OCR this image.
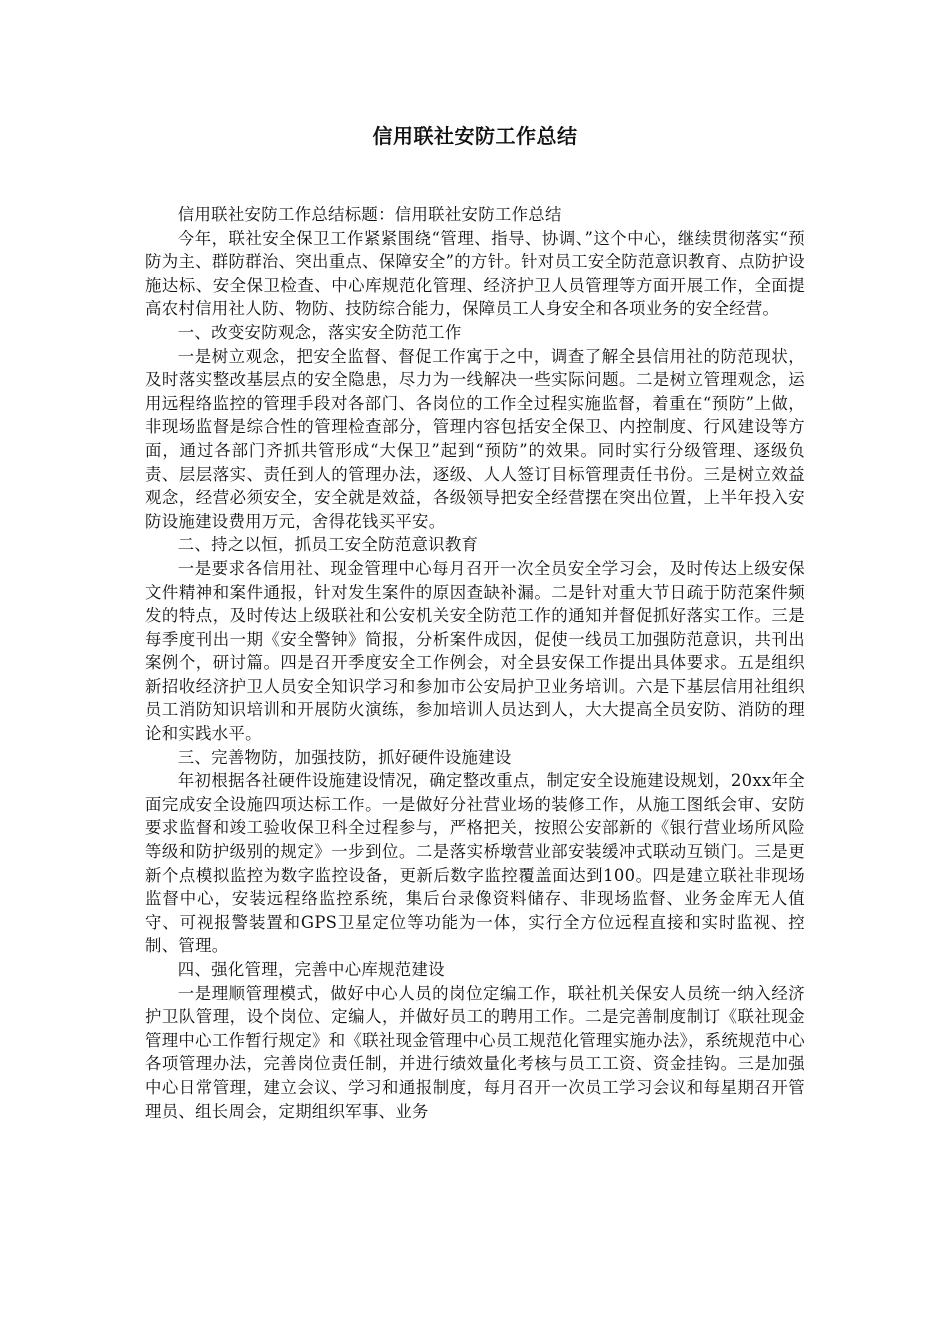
信用联社安防工作总结

信用联社安防工作总结标题：信用联社安防工作总结

今年，联社安全保卫工作紧紧围绕“管理、指导、协调、”这个中心，继续贯彻落实“预防为主、群防群治、突出重点、保障安全”的方针。针对员工安全防范意识教育、点防护设施达标、安全保卫检查、中心库规范化管理、经济护卫人员管理等方面开展工作，全面提高农村信用社人防、物防、技防综合能力，保障员工人身安全和各项业务的安全经营。

一、改变安防观念，落实安全防范工作

一是树立观念，把安全监督、督促工作寓于之中，调查了解全县信用社的防范现状，及时落实整改基层点的安全隐患，尽力为一线解决一些实际问题。二是树立管理观念，运用远程络监控的管理手段对各部门、各岗位的工作全过程实施监督，着重在“预防”上做，非现场监督是综合性的管理检查部分，管理内容包括安全保卫、内控制度、行风建设等方面，通过各部门齐抓共管形成“大保卫”起到“预防”的效果。同时实行分级管理、逐级负责、层层落实、责任到人的管理办法，逐级、人人签订目标管理责任书份。三是树立效益观念，经营必须安全，安全就是效益，各级领导把安全经营摆在突出位置，上半年投入安防设施建设费用万元，舍得花钱买平安。

二、持之以恒，抓员工安全防范意识教育

一是要求各信用社、现金管理中心每月召开一次全员安全学习会，及时传达上级安保文件精神和案件通报，针对发生案件的原因查缺补漏。二是针对重大节日疏于防范案件频发的特点，及时传达上级联社和公安机关安全防范工作的通知并督促抓好落实工作。三是每季度刊出一期《安全警钟》简报，分析案件成因，促使一线员工加强防范意识，共刊出案例个，研讨篇。四是召开季度安全工作例会，对全县安保工作提出具体要求。五是组织新招收经济护卫人员安全知识学习和参加市公安局护卫业务培训。六是下基层信用社组织员工消防知识培训和开展防火演练，参加培训人员达到人，大大提高全员安防、消防的理论和实践水平。

三、完善物防，加强技防，抓好硬件设施建设

年初根据各社硬件设施建设情况，确定整改重点，制定安全设施建设规划，20xx年全面完成安全设施四项达标工作。一是做好分社营业场的装修工作，从施工图纸会审、安防要求监督和竣工验收保卫科全过程参与，严格把关，按照公安部新的《银行营业场所风险等级和防护级别的规定》一步到位。二是落实桥墩营业部安装缓冲式联动互锁门。三是更新个点模拟监控为数字监控设备，更新后数字监控覆盖面达到100。四是建立联社非现场监督中心，安装远程络监控系统，集后台录像资料储存、非现场监督、业务金库无人值守、可视报警装置和GPS卫星定位等功能为一体，实行全方位远程直接和实时监视、控制、管理。

四、强化管理，完善中心库规范建设

一是理顺管理模式，做好中心人员的岗位定编工作，联社机关保安人员统一纳入经济护卫队管理，设个岗位、定编人，并做好员工的聘用工作。二是完善制度制订《联社现金管理中心工作暂行规定》和《联社现金管理中心员工规范化管理实施办法》，系统规范中心各项管理办法，完善岗位责任制，并进行绩效量化考核与员工工资、资金挂钩。三是加强中心日常管理，建立会议、学习和通报制度，每月召开一次员工学习会议和每星期召开管理员、组长周会，定期组织军事、业务
